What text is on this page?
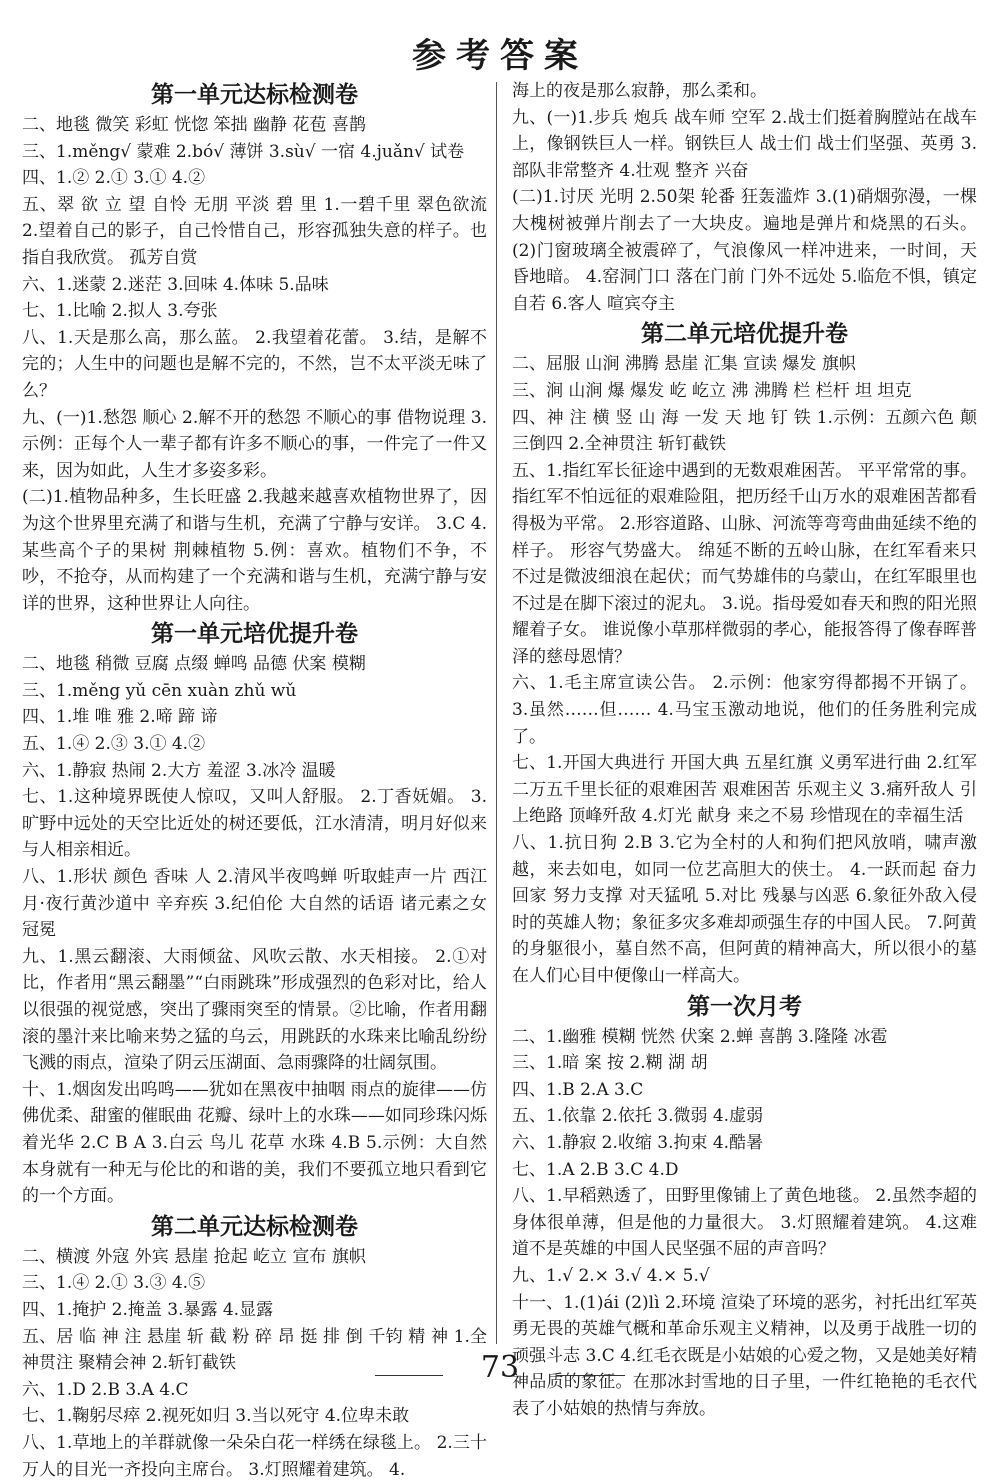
参考答案
第一单元达标检测卷

二、地毯 微笑 彩虹 恍惚 笨拙 幽静 花苞 喜鹊

三、1.měng√ 蒙难 2.bó√ 薄饼 3.sù√ 一宿 4.juǎn√ 试卷

四、1.② 2.① 3.① 4.②

五、翠 欲 立 望 自怜 无朋 平淡 碧 里 1.一碧千里 翠色欲流 2.望着自己的影子，自己怜惜自己，形容孤独失意的样子。也指自我欣赏。 孤芳自赏

六、1.迷蒙 2.迷茫 3.回味 4.体味 5.品味

七、1.比喻 2.拟人 3.夸张

八、1.天是那么高，那么蓝。 2.我望着花蕾。 3.结，是解不完的；人生中的问题也是解不完的，不然，岂不太平淡无味了么？

九、(一)1.愁怨 顺心 2.解不开的愁怨 不顺心的事 借物说理 3.示例：正每个人一辈子都有许多不顺心的事，一件完了一件又来，因为如此，人生才多姿多彩。

(二)1.植物品种多，生长旺盛 2.我越来越喜欢植物世界了，因为这个世界里充满了和谐与生机，充满了宁静与安详。 3.C 4.某些高个子的果树 荆棘植物 5.例：喜欢。植物们不争，不吵，不抢夺，从而构建了一个充满和谐与生机，充满宁静与安详的世界，这种世界让人向往。

第一单元培优提升卷

二、地毯 稍微 豆腐 点缀 蝉鸣 品德 伏案 模糊

三、1.měng yǔ cēn xuàn zhǔ wǔ

四、1.堆 唯 雅 2.啼 蹄 谛

五、1.④ 2.③ 3.① 4.②

六、1.静寂 热闹 2.大方 羞涩 3.冰冷 温暖

七、1.这种境界既使人惊叹，又叫人舒服。 2.丁香妩媚。 3.旷野中远处的天空比近处的树还要低，江水清清，明月好似来与人相亲相近。

八、1.形状 颜色 香味 人 2.清风半夜鸣蝉 听取蛙声一片 西江月·夜行黄沙道中 辛弃疾 3.纪伯伦 大自然的话语 诸元素之女 冠冕

九、1.黑云翻滚、大雨倾盆、风吹云散、水天相接。 2.①对比，作者用“黑云翻墨”“白雨跳珠”形成强烈的色彩对比，给人以很强的视觉感，突出了骤雨突至的情景。②比喻，作者用翻滚的墨汁来比喻来势之猛的乌云，用跳跃的水珠来比喻乱纷纷飞溅的雨点，渲染了阴云压湖面、急雨骤降的壮阔氛围。

十、1.烟囱发出呜鸣——犹如在黑夜中抽咽 雨点的旋律——仿佛优柔、甜蜜的催眠曲 花瓣、绿叶上的水珠——如同珍珠闪烁着光华 2.C B A 3.白云 鸟儿 花草 水珠 4.B 5.示例：大自然本身就有一种无与伦比的和谐的美，我们不要孤立地只看到它的一个方面。

第二单元达标检测卷

二、横渡 外寇 外宾 悬崖 抢起 屹立 宣布 旗帜

三、1.④ 2.① 3.③ 4.⑤

四、1.掩护 2.掩盖 3.暴露 4.显露

五、居 临 神 注 悬崖 斩 截 粉 碎 昂 挺 排 倒 千钧 精 神 1.全神贯注 聚精会神 2.斩钉截铁

六、1.D 2.B 3.A 4.C

七、1.鞠躬尽瘁 2.视死如归 3.当以死守 4.位卑未敢

八、1.草地上的羊群就像一朵朵白花一样绣在绿毯上。 2.三十万人的目光一齐投向主席台。 3.灯照耀着建筑。 4.

海上的夜是那么寂静，那么柔和。

九、(一)1.步兵 炮兵 战车师 空军 2.战士们挺着胸膛站在战车上，像钢铁巨人一样。钢铁巨人 战士们 战士们坚强、英勇 3.部队非常整齐 4.壮观 整齐 兴奋

(二)1.讨厌 光明 2.50架 轮番 狂轰滥炸 3.(1)硝烟弥漫，一棵大槐树被弹片削去了一大块皮。遍地是弹片和烧黑的石头。 (2)门窗玻璃全被震碎了，气浪像风一样冲进来，一时间，天昏地暗。 4.窑洞门口 落在门前 门外不远处 5.临危不惧，镇定自若 6.客人 喧宾夺主

第二单元培优提升卷

二、屈服 山涧 沸腾 悬崖 汇集 宣读 爆发 旗帜

三、涧 山涧 爆 爆发 屹 屹立 沸 沸腾 栏 栏杆 坦 坦克

四、神 注 横 竖 山 海 一发 天 地 钉 铁 1.示例：五颜六色 颠三倒四 2.全神贯注 斩钉截铁

五、1.指红军长征途中遇到的无数艰难困苦。 平平常常的事。指红军不怕远征的艰难险阻，把历经千山万水的艰难困苦都看得极为平常。 2.形容道路、山脉、河流等弯弯曲曲延续不绝的样子。 形容气势盛大。 绵延不断的五岭山脉，在红军看来只不过是微波细浪在起伏；而气势雄伟的乌蒙山，在红军眼里也不过是在脚下滚过的泥丸。 3.说。指母爱如春天和煦的阳光照耀着子女。 谁说像小草那样微弱的孝心，能报答得了像春晖普泽的慈母恩情？

六、1.毛主席宣读公告。 2.示例：他家穷得都揭不开锅了。 3.虽然……但…… 4.马宝玉激动地说，他们的任务胜利完成了。

七、1.开国大典进行 开国大典 五星红旗 义勇军进行曲 2.红军二万五千里长征的艰难困苦 艰难困苦 乐观主义 3.痛歼敌人 引上绝路 顶峰歼敌 4.灯光 献身 来之不易 珍惜现在的幸福生活

八、1.抗日狗 2.B 3.它为全村的人和狗们把风放哨，啸声激越，来去如电，如同一位艺高胆大的侠士。 4.一跃而起 奋力回家 努力支撑 对天猛吼 5.对比 残暴与凶恶 6.象征外敌入侵时的英雄人物；象征多灾多难却顽强生存的中国人民。 7.阿黄的身躯很小，墓自然不高，但阿黄的精神高大，所以很小的墓在人们心目中便像山一样高大。

第一次月考

二、1.幽雅 模糊 恍然 伏案 2.蝉 喜鹊 3.隆隆 冰雹

三、1.暗 案 按 2.糊 湖 胡

四、1.B 2.A 3.C

五、1.依靠 2.依托 3.微弱 4.虚弱

六、1.静寂 2.收缩 3.拘束 4.酷暑

七、1.A 2.B 3.C 4.D

八、1.早稻熟透了，田野里像铺上了黄色地毯。 2.虽然李超的身体很单薄，但是他的力量很大。 3.灯照耀着建筑。 4.这难道不是英雄的中国人民坚强不屈的声音吗？

九、1.√ 2.× 3.√ 4.× 5.√

十一、1.(1)ái (2)lì 2.环境 渲染了环境的恶劣，衬托出红军英勇无畏的英雄气概和革命乐观主义精神，以及勇于战胜一切的顽强斗志 3.C 4.红毛衣既是小姑娘的心爱之物，又是她美好精神品质的象征。在那冰封雪地的日子里，一件红艳艳的毛衣代表了小姑娘的热情与奔放。

73
